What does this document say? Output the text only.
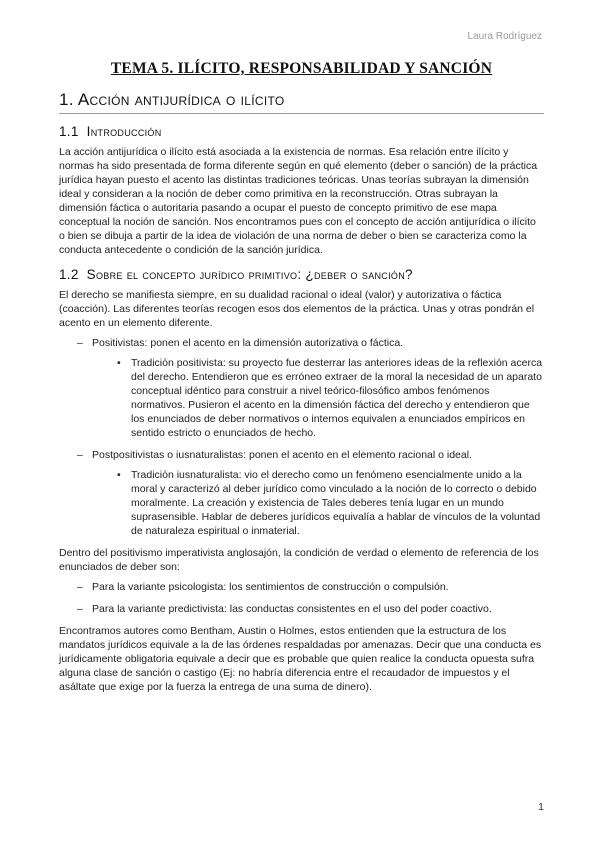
Laura Rodríguez
TEMA 5. ILÍCITO, RESPONSABILIDAD Y SANCIÓN
1. Acción antijurídica o ilícito
1.1 Introducción

La acción antijurídica o ilícito está asociada a la existencia de normas. Esa relación entre ilícito y normas ha sido presentada de forma diferente según en qué elemento (deber o sanción) de la práctica jurídica hayan puesto el acento las distintas tradiciones teóricas. Unas teorías subrayan la dimensión ideal y consideran a la noción de deber como primitiva en la reconstrucción. Otras subrayan la dimensión fáctica o autoritaria pasando a ocupar el puesto de concepto primitivo de ese mapa conceptual la noción de sanción. Nos encontramos pues con el concepto de acción antijurídica o ilícito o bien se dibuja a partir de la idea de violación de una norma de deber o bien se caracteriza como la conducta antecedente o condición de la sanción jurídica.

1.2 Sobre el concepto jurídico primitivo: ¿deber o sanción?

El derecho se manifiesta siempre, en su dualidad racional o ideal (valor) y autorizativa o fáctica (coacción). Las diferentes teorías recogen esos dos elementos de la práctica. Unas y otras pondrán el acento en un elemento diferente.

– Positivistas: ponen el acento en la dimensión autorizativa o fáctica.
• Tradición positivista: su proyecto fue desterrar las anteriores ideas de la reflexión acerca del derecho. Entendieron que es erróneo extraer de la moral la necesidad de un aparato conceptual idéntico para construir a nivel teórico-filosófico ambos fenómenos normativos. Pusieron el acento en la dimensión fáctica del derecho y entendieron que los enunciados de deber normativos o internos equivalen a enunciados empíricos en sentido estricto o enunciados de hecho.
– Postpositivistas o iusnaturalistas: ponen el acento en el elemento racional o ideal.
• Tradición iusnaturalista: vio el derecho como un fenómeno esencialmente unido a la moral y caracterizó al deber jurídico como vinculado a la noción de lo correcto o debido moralmente. La creación y existencia de Tales deberes tenía lugar en un mundo suprasensible. Hablar de deberes jurídicos equivalía a hablar de vínculos de la voluntad de naturaleza espiritual o inmaterial.

Dentro del positivismo imperativista anglosajón, la condición de verdad o elemento de referencia de los enunciados de deber son:

– Para la variante psicologista: los sentimientos de construcción o compulsión.
– Para la variante predictivista: las conductas consistentes en el uso del poder coactivo.

Encontramos autores como Bentham, Austin o Holmes, estos entienden que la estructura de los mandatos jurídicos equivale a la de las órdenes respaldadas por amenazas. Decir que una conducta es jurídicamente obligatoria equivale a decir que es probable que quien realice la conducta opuesta sufra alguna clase de sanción o castigo (Ej: no habría diferencia entre el recaudador de impuestos y el asáltate que exige por la fuerza la entrega de una suma de dinero).

1
